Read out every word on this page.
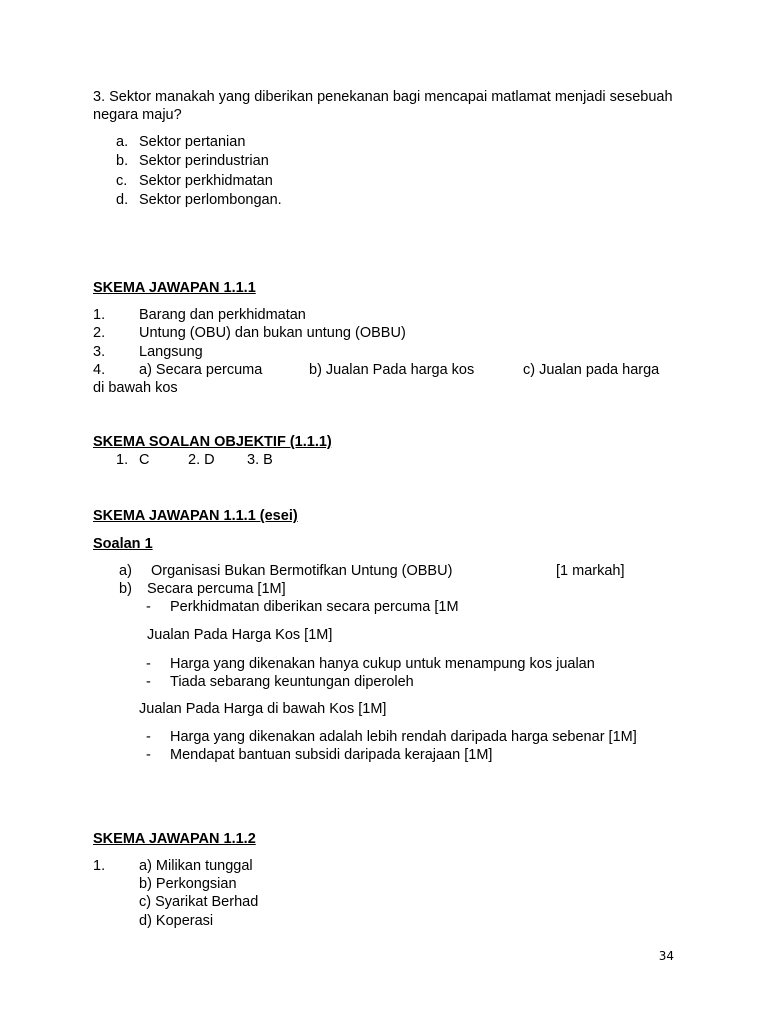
3. Sektor manakah yang diberikan penekanan bagi mencapai matlamat menjadi sesebuah negara maju?
a. Sektor pertanian
b. Sektor perindustrian
c. Sektor perkhidmatan
d. Sektor perlombongan.
SKEMA JAWAPAN 1.1.1
1. Barang dan perkhidmatan
2. Untung (OBU) dan bukan untung (OBBU)
3. Langsung
4. a) Secara percuma	b) Jualan Pada harga kos	c) Jualan pada harga
di bawah kos
SKEMA SOALAN OBJEKTIF (1.1.1)
1. C	2. D 3. B
SKEMA JAWAPAN 1.1.1 (esei)
Soalan 1
a) Organisasi Bukan Bermotifkan Untung (OBBU)	[1 markah]
b) Secara percuma [1M]
- Perkhidmatan diberikan secara percuma [1M
Jualan Pada Harga Kos [1M]
- Harga yang dikenakan hanya cukup untuk menampung kos jualan
- Tiada sebarang keuntungan diperoleh
Jualan Pada Harga di bawah Kos [1M]
- Harga yang dikenakan adalah lebih rendah daripada harga sebenar [1M]
- Mendapat bantuan subsidi daripada kerajaan [1M]
SKEMA JAWAPAN 1.1.2
1. a) Milikan tunggal
b) Perkongsian
c) Syarikat Berhad
d) Koperasi
34
